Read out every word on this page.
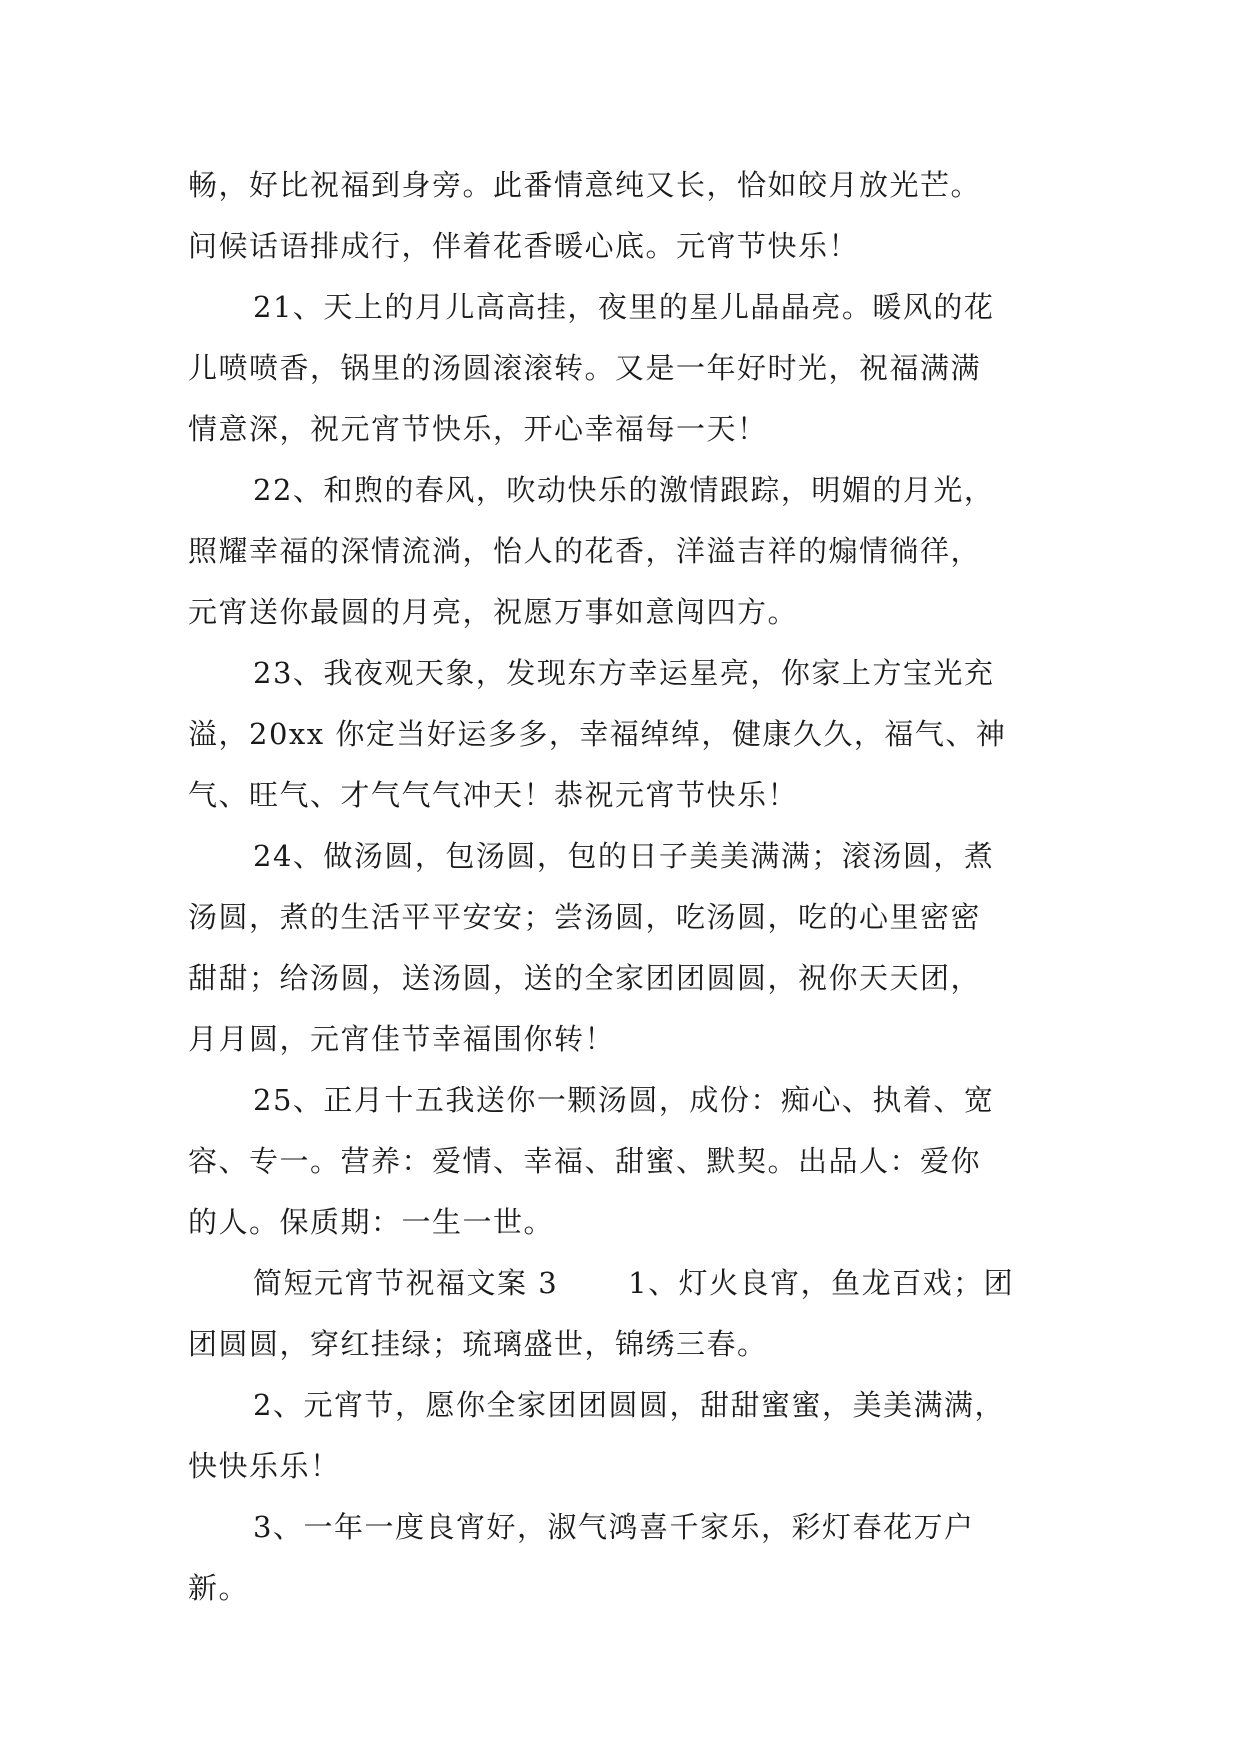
畅，好比祝福到身旁。此番情意纯又长，恰如皎月放光芒。
问候话语排成行，伴着花香暖心底。元宵节快乐！
21、天上的月儿高高挂，夜里的星儿晶晶亮。暖风的花
儿喷喷香，锅里的汤圆滚滚转。又是一年好时光，祝福满满
情意深，祝元宵节快乐，开心幸福每一天！
22、和煦的春风，吹动快乐的激情跟踪，明媚的月光，
照耀幸福的深情流淌，怡人的花香，洋溢吉祥的煽情徜徉，
元宵送你最圆的月亮，祝愿万事如意闯四方。
23、我夜观天象，发现东方幸运星亮，你家上方宝光充
溢，20xx 你定当好运多多，幸福绰绰，健康久久，福气、神
气、旺气、才气气气冲天！恭祝元宵节快乐！
24、做汤圆，包汤圆，包的日子美美满满；滚汤圆，煮
汤圆，煮的生活平平安安；尝汤圆，吃汤圆，吃的心里密密
甜甜；给汤圆，送汤圆，送的全家团团圆圆，祝你天天团，
月月圆，元宵佳节幸福围你转！
25、正月十五我送你一颗汤圆，成份：痴心、执着、宽
容、专一。营养：爱情、幸福、甜蜜、默契。出品人：爱你
的人。保质期：一生一世。
简短元宵节祝福文案 3 1、灯火良宵，鱼龙百戏；团
团圆圆，穿红挂绿；琉璃盛世，锦绣三春。
2、元宵节，愿你全家团团圆圆，甜甜蜜蜜，美美满满，
快快乐乐！
3、一年一度良宵好，淑气鸿喜千家乐，彩灯春花万户
新。
